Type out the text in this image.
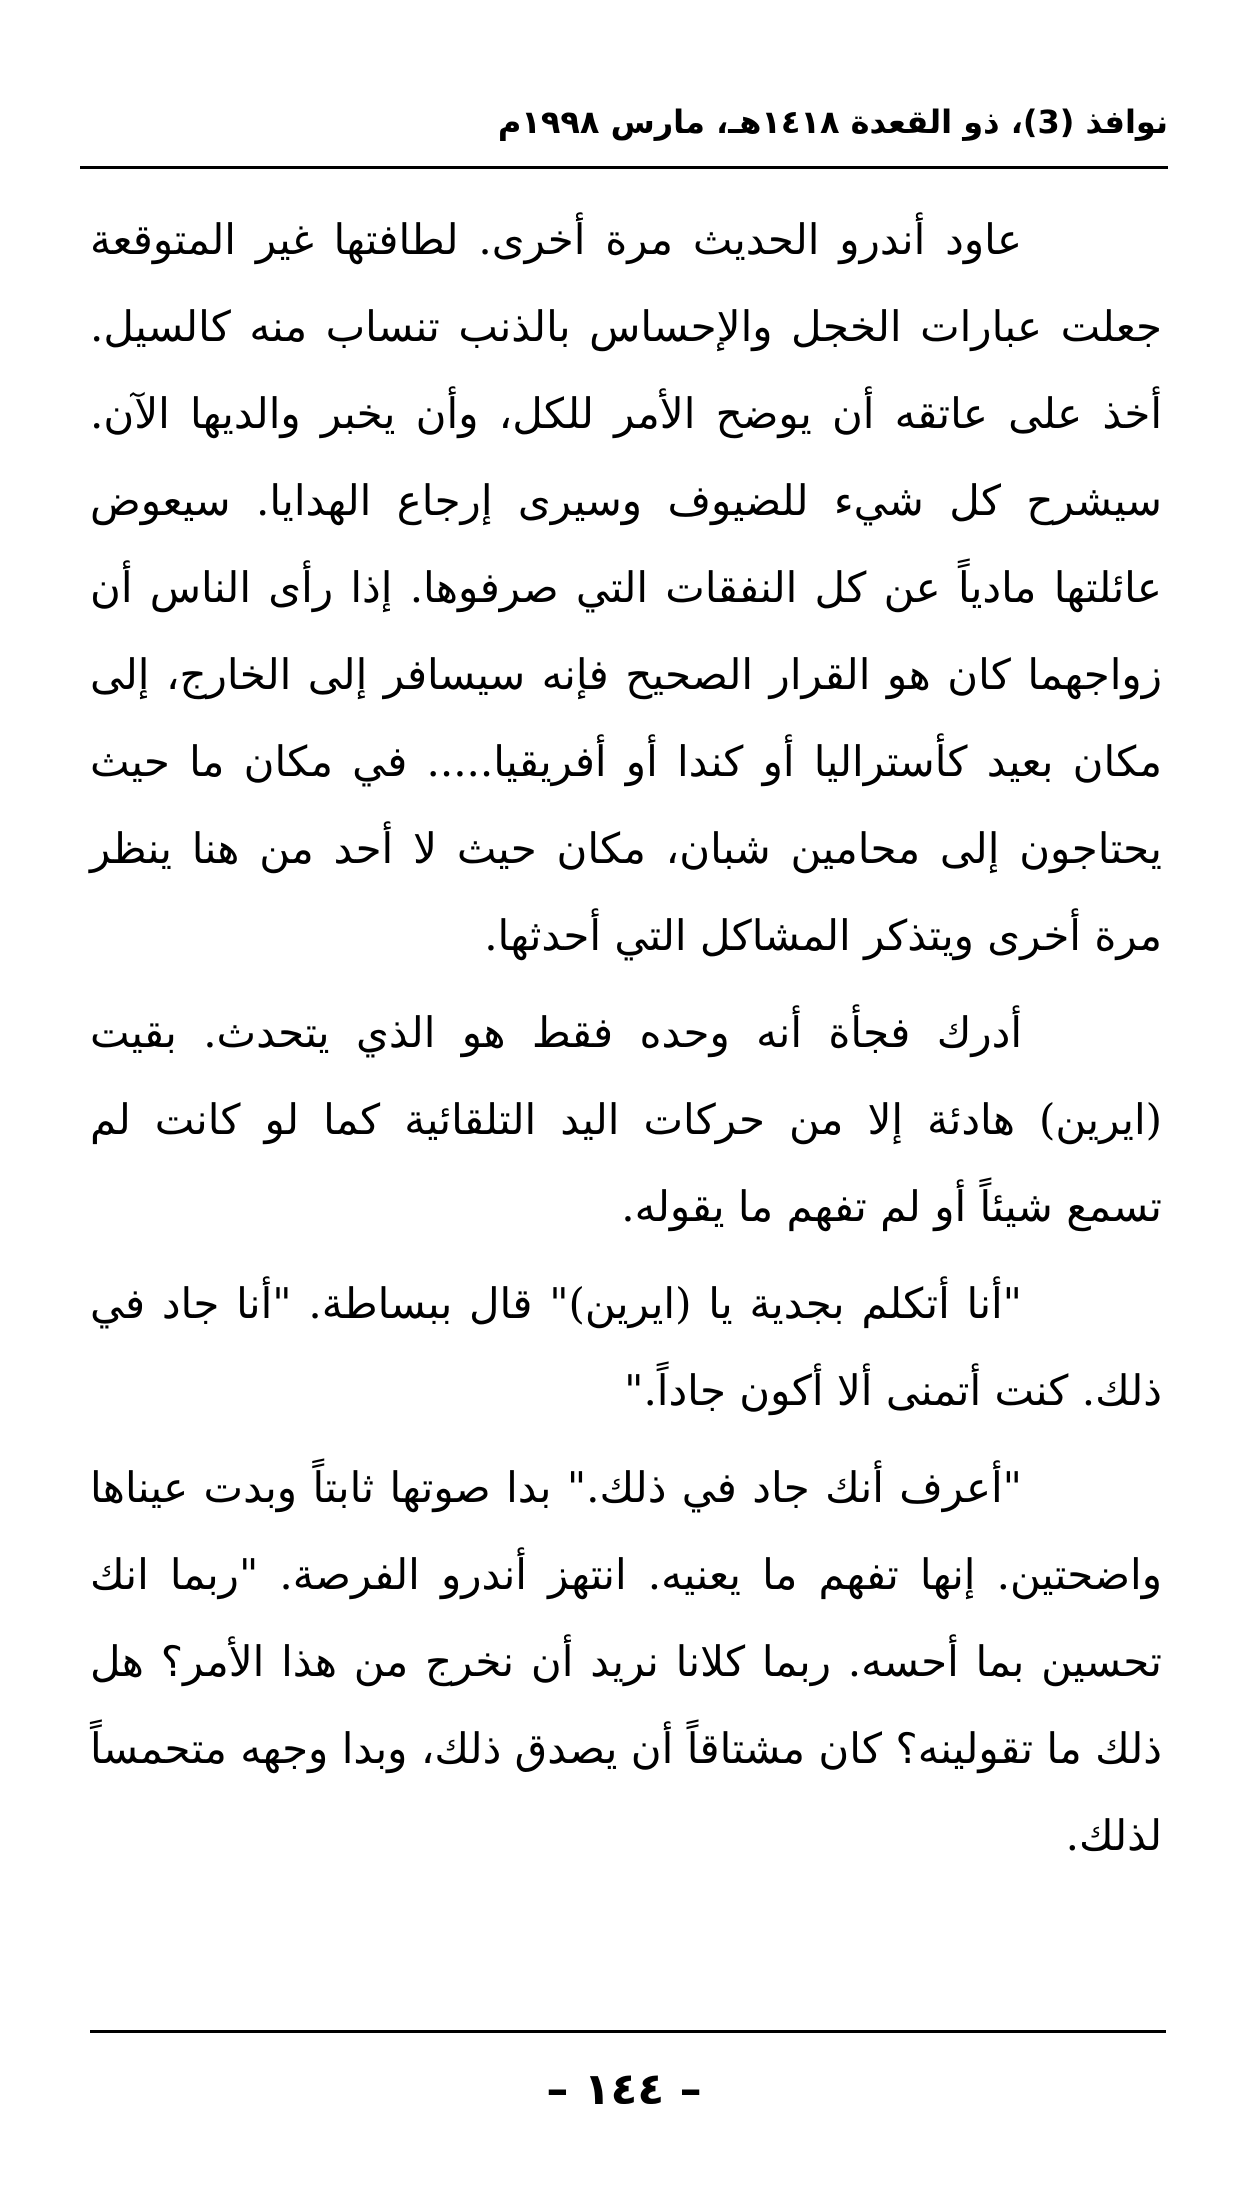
نوافذ (3)، ذو القعدة ١٤١٨هـ، مارس ١٩٩٨م

عاود أندرو الحديث مرة أخرى. لطافتها غير المتوقعة جعلت عبارات الخجل والإحساس بالذنب تنساب منه كالسيل. أخذ على عاتقه أن يوضح الأمر للكل، وأن يخبر والديها الآن. سيشرح كل شيء للضيوف وسيرى إرجاع الهدايا. سيعوض عائلتها مادياً عن كل النفقات التي صرفوها. إذا رأى الناس أن زواجهما كان هو القرار الصحيح فإنه سيسافر إلى الخارج، إلى مكان بعيد كأستراليا أو كندا أو أفريقيا..... في مكان ما حيث يحتاجون إلى محامين شبان، مكان حيث لا أحد من هنا ينظر مرة أخرى ويتذكر المشاكل التي أحدثها.

أدرك فجأة أنه وحده فقط هو الذي يتحدث. بقيت (ايرين) هادئة إلا من حركات اليد التلقائية كما لو كانت لم تسمع شيئاً أو لم تفهم ما يقوله.

"أنا أتكلم بجدية يا (ايرين)" قال ببساطة. "أنا جاد في ذلك. كنت أتمنى ألا أكون جاداً."

"أعرف أنك جاد في ذلك." بدا صوتها ثابتاً وبدت عيناها واضحتين. إنها تفهم ما يعنيه. انتهز أندرو الفرصة. "ربما انك تحسين بما أحسه. ربما كلانا نريد أن نخرج من هذا الأمر؟ هل ذلك ما تقولينه؟ كان مشتاقاً أن يصدق ذلك، وبدا وجهه متحمساً لذلك.

– ١٤٤ –
